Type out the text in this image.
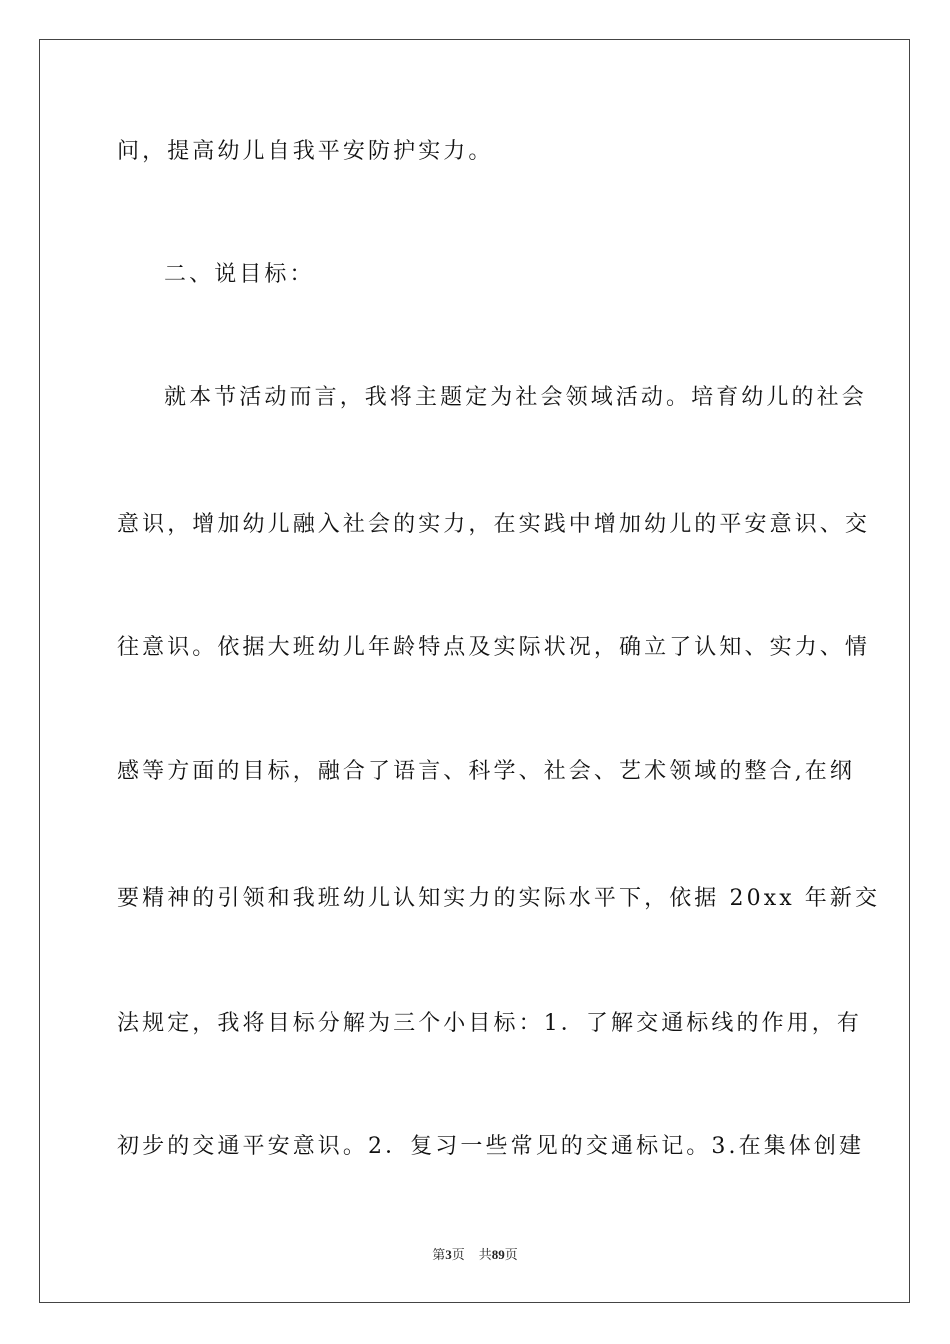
问，提高幼儿自我平安防护实力。
二、说目标：
就本节活动而言，我将主题定为社会领域活动。培育幼儿的社会
意识，增加幼儿融入社会的实力，在实践中增加幼儿的平安意识、交
往意识。依据大班幼儿年龄特点及实际状况，确立了认知、实力、情
感等方面的目标，融合了语言、科学、社会、艺术领域的整合,在纲
要精神的引领和我班幼儿认知实力的实际水平下，依据 20xx 年新交
法规定，我将目标分解为三个小目标：1．了解交通标线的作用，有
初步的交通平安意识。2．复习一些常见的交通标记。3.在集体创建
第3页 共89页
